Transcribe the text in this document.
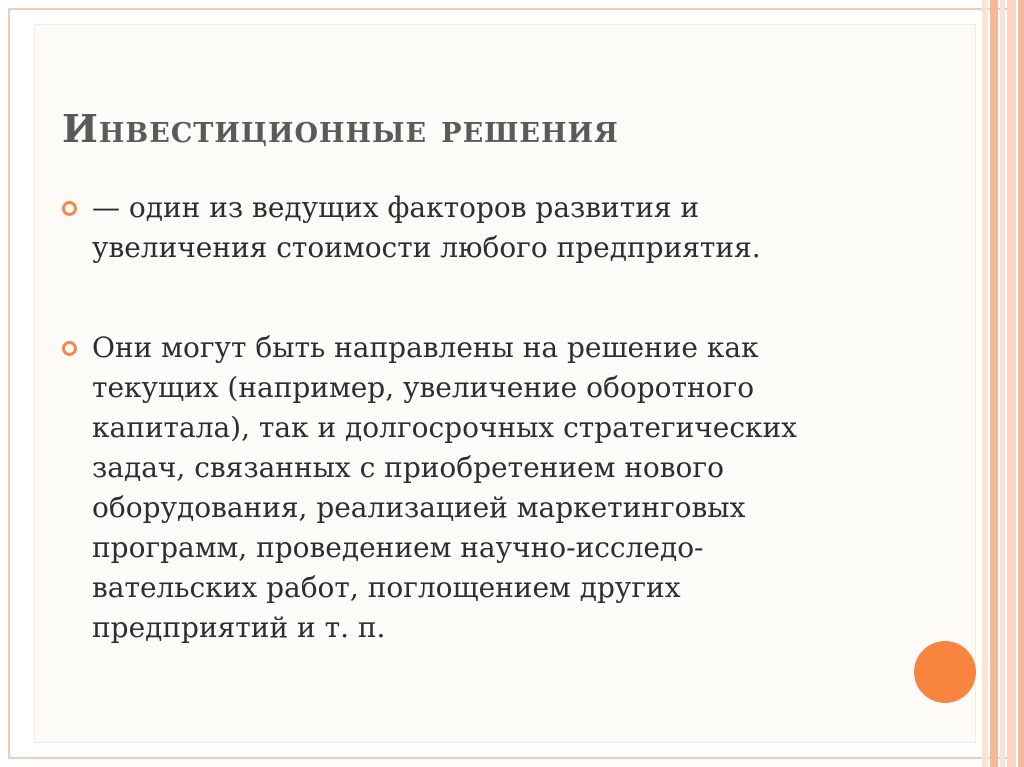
Инвестиционные решения
— один из ведущих факторов развития и
увеличения стоимости любого предприятия.
Они могут быть направлены на решение как
текущих (например, увеличение оборотного
капитала), так и долгосрочных стратегических
задач, связанных с приобретением нового
оборудования, реализацией маркетинговых
программ, проведением научно-исследо-
вательских работ, поглощением других
предприятий и т. п.
